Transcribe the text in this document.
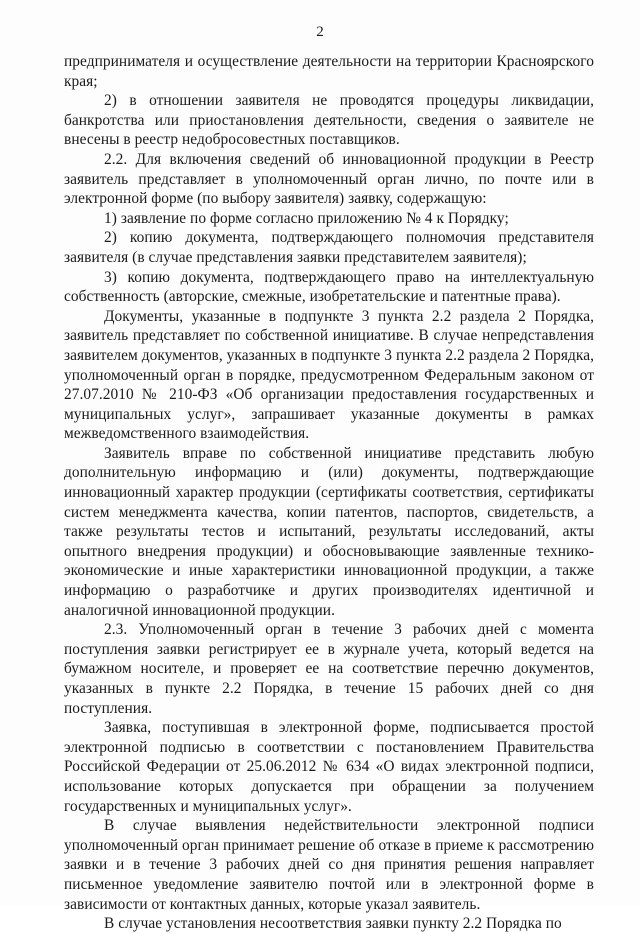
2

предпринимателя и осуществление деятельности на территории Красноярского края;

2) в отношении заявителя не проводятся процедуры ликвидации, банкротства или приостановления деятельности, сведения о заявителе не внесены в реестр недобросовестных поставщиков.

2.2. Для включения сведений об инновационной продукции в Реестр заявитель представляет в уполномоченный орган лично, по почте или в электронной форме (по выбору заявителя) заявку, содержащую:

1) заявление по форме согласно приложению № 4 к Порядку;

2) копию документа, подтверждающего полномочия представителя заявителя (в случае представления заявки представителем заявителя);

3) копию документа, подтверждающего право на интеллектуальную собственность (авторские, смежные, изобретательские и патентные права).

Документы, указанные в подпункте 3 пункта 2.2 раздела 2 Порядка, заявитель представляет по собственной инициативе. В случае непредставления заявителем документов, указанных в подпункте 3 пункта 2.2 раздела 2 Порядка, уполномоченный орган в порядке, предусмотренном Федеральным законом от 27.07.2010 № 210-ФЗ «Об организации предоставления государственных и муниципальных услуг», запрашивает указанные документы в рамках межведомственного взаимодействия.

Заявитель вправе по собственной инициативе представить любую дополнительную информацию и (или) документы, подтверждающие инновационный характер продукции (сертификаты соответствия, сертификаты систем менеджмента качества, копии патентов, паспортов, свидетельств, а также результаты тестов и испытаний, результаты исследований, акты опытного внедрения продукции) и обосновывающие заявленные технико-экономические и иные характеристики инновационной продукции, а также информацию о разработчике и других производителях идентичной и аналогичной инновационной продукции.

2.3. Уполномоченный орган в течение 3 рабочих дней с момента поступления заявки регистрирует ее в журнале учета, который ведется на бумажном носителе, и проверяет ее на соответствие перечню документов, указанных в пункте 2.2 Порядка, в течение 15 рабочих дней со дня поступления.

Заявка, поступившая в электронной форме, подписывается простой электронной подписью в соответствии с постановлением Правительства Российской Федерации от 25.06.2012 № 634 «О видах электронной подписи, использование которых допускается при обращении за получением государственных и муниципальных услуг».

В случае выявления недействительности электронной подписи уполномоченный орган принимает решение об отказе в приеме к рассмотрению заявки и в течение 3 рабочих дней со дня принятия решения направляет письменное уведомление заявителю почтой или в электронной форме в зависимости от контактных данных, которые указал заявитель.

В случае установления несоответствия заявки пункту 2.2 Порядка по
